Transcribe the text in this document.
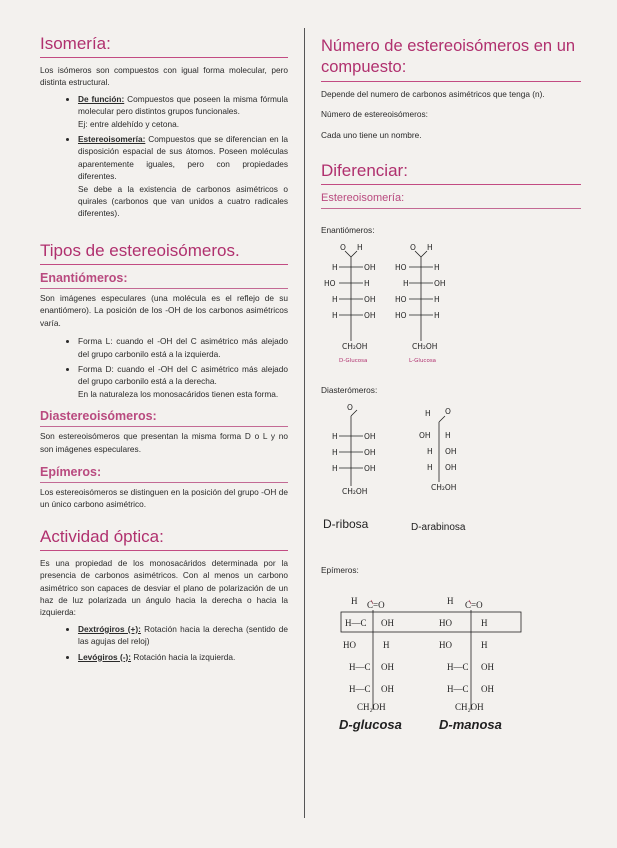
Isomería:

Los isómeros son compuestos con igual forma molecular, pero distinta estructural.

• De función: Compuestos que poseen la misma fórmula molecular pero distintos grupos funcionales.
Ej: entre aldehído y cetona.
• Estereoisomería: Compuestos que se diferencian en la disposición espacial de sus átomos. Poseen moléculas aparentemente iguales, pero con propiedades diferentes.
Se debe a la existencia de carbonos asimétricos o quirales (carbonos que van unidos a cuatro radicales diferentes).
Tipos de estereoisómeros.
Enantiómeros:

Son imágenes especulares (una molécula es el reflejo de su enantiómero). La posición de los -OH de los carbonos asimétricos varía.

• Forma L: cuando el -OH del C asimétrico más alejado del grupo carbonilo está a la izquierda.
• Forma D: cuando el -OH del C asimétrico más alejado del grupo carbonilo está a la derecha.
En la naturaleza los monosacáridos tienen esta forma.
Diastereoisómeros:

Son estereoisómeros que presentan la misma forma D o L y no son imágenes especulares.

Epímeros:

Los estereoisómeros se distinguen en la posición del grupo -OH de un único carbono asimétrico.

Actividad óptica:

Es una propiedad de los monosacáridos determinada por la presencia de carbonos asimétricos. Con al menos un carbono asimétrico son capaces de desviar el plano de polarización de un haz de luz polarizada un ángulo hacia la derecha o hacia la izquierda:

• Dextrógiros (+): Rotación hacia la derecha (sentido de las agujas del reloj)
• Levógiros (-): Rotación hacia la izquierda.
Número de estereoisómeros en un compuesto:

Depende del numero de carbonos asimétricos que tenga (n).

Número de estereoisómeros:

Cada uno tiene un nombre.

Diferenciar:
Estereoisomería:

Enantiómeros:

O H
H	OH
HO	H
H	OH
H	OH
CH₂OH
D-Glucosa
O H
HO	H
H	OH
HO	H
HO	H
CH₂OH
L-Glucosa

Diasterómeros:

O
H	OH
H	OH
H	OH
CH₂OH
H O
OH H
H OH
H OH
CH₂OH
D-ribosa	D-arabinosa

Epímeros:

H C=O
H—C OH
HO	H
H—C OH
H—C OH
CH₂OH
H C=O
HO	H
HO	H
H—C OH
H—C OH
CH₂OH
D-glucosa	D-manosa
